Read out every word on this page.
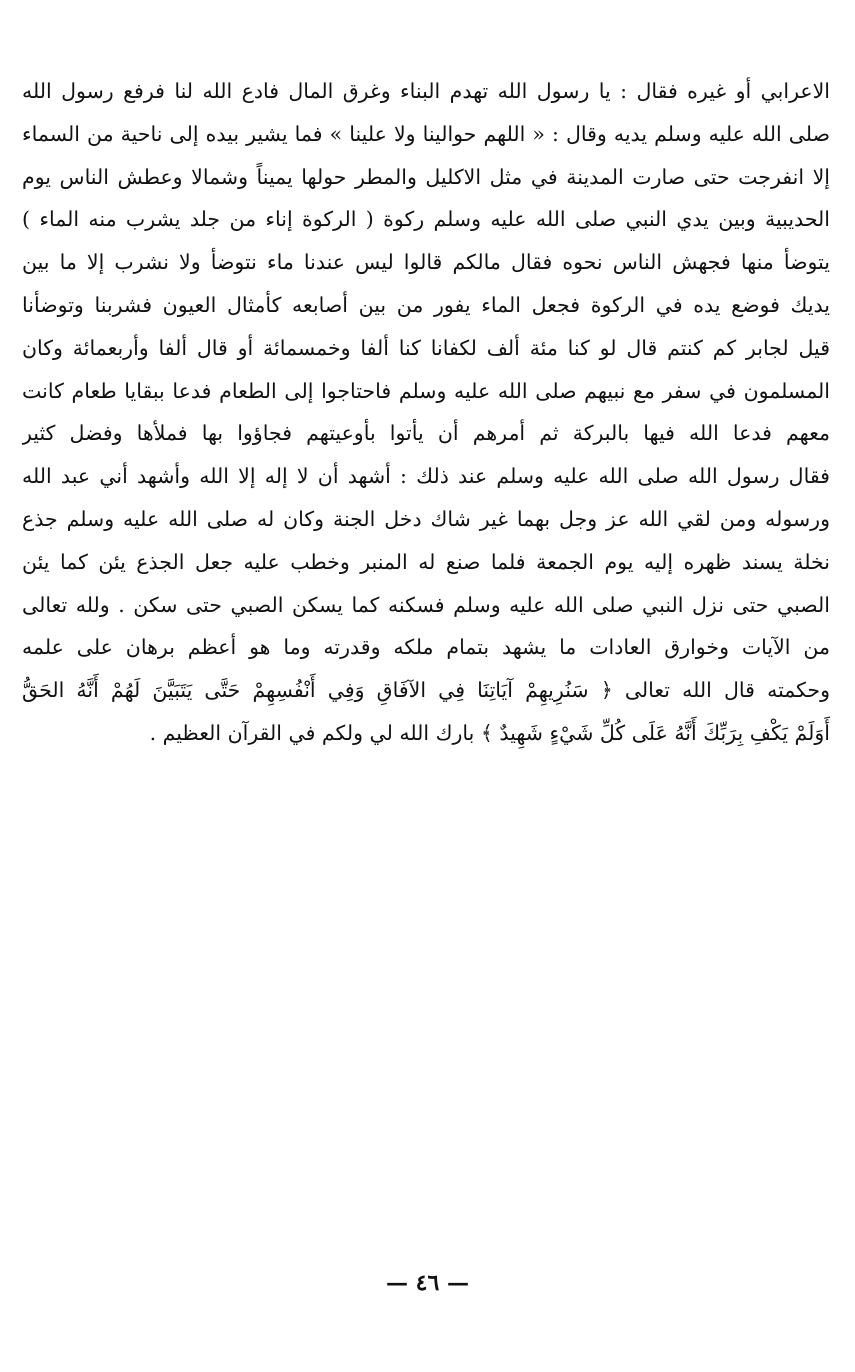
الاعرابي أو غيره فقال : يا رسول الله تهدم البناء وغرق المال فادع الله لنا فرفع رسول الله
صلى الله عليه وسلم يديه وقال : « اللهم حوالينا ولا علينا » فما يشير بيده إلى ناحية من السماء
إلا انفرجت حتى صارت المدينة في مثل الاكليل والمطر حولها يميناً وشمالا وعطش الناس يوم
الحديبية وبين يدي النبي صلى الله عليه وسلم ركوة ( الركوة إناء من جلد يشرب منه الماء )
يتوضأ منها فجهش الناس نحوه فقال مالكم قالوا ليس عندنا ماء نتوضأ ولا نشرب إلا ما بين
يديك فوضع يده في الركوة فجعل الماء يفور من بين أصابعه كأمثال العيون فشربنا وتوضأنا
قيل لجابر كم كنتم قال لو كنا مئة ألف لكفانا كنا ألفا وخمسمائة أو قال ألفا وأربعمائة وكان
المسلمون في سفر مع نبيهم صلى الله عليه وسلم فاحتاجوا إلى الطعام فدعا ببقايا طعام كانت
معهم فدعا الله فيها بالبركة ثم أمرهم أن يأتوا بأوعيتهم فجاؤوا بها فملأها وفضل كثير
فقال رسول الله صلى الله عليه وسلم عند ذلك : أشهد أن لا إله إلا الله وأشهد أني عبد الله
ورسوله ومن لقي الله عز وجل بهما غير شاك دخل الجنة وكان له صلى الله عليه وسلم جذع
نخلة يسند ظهره إليه يوم الجمعة فلما صنع له المنبر وخطب عليه جعل الجذع يئن كما يئن
الصبي حتى نزل النبي صلى الله عليه وسلم فسكنه كما يسكن الصبي حتى سكن . ولله تعالى
من الآيات وخوارق العادات ما يشهد بتمام ملكه وقدرته وما هو أعظم برهان على علمه
وحكمته قال الله تعالى ﴿ سَنُرِيهِمْ آيَاتِنَا فِي الآفَاقِ وَفِي أَنْفُسِهِمْ حَتَّى يَتَبَيَّنَ لَهُمْ أَنَّهُ الحَقُّ
أَوَلَمْ يَكْفِ بِرَبِّكَ أَنَّهُ عَلَى كُلِّ شَيْءٍ شَهِيدٌ ﴾ بارك الله لي ولكم في القرآن العظيم .
— ٤٦ —
